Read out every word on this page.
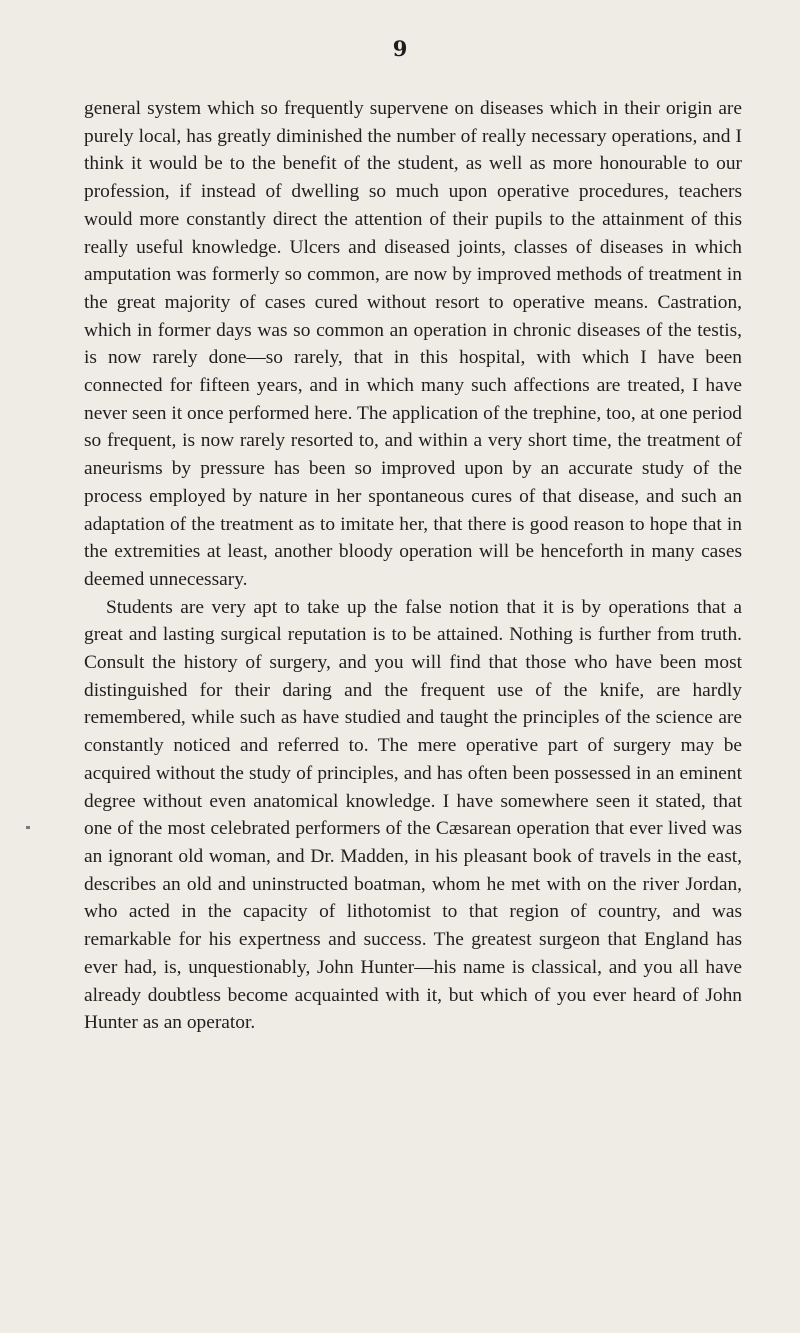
9

general system which so frequently supervene on diseases which in their origin are purely local, has greatly diminished the number of really necessary operations, and I think it would be to the benefit of the student, as well as more honourable to our profession, if instead of dwelling so much upon operative procedures, teachers would more constantly direct the attention of their pupils to the attainment of this really useful knowledge. Ulcers and diseased joints, classes of diseases in which amputation was formerly so common, are now by improved methods of treatment in the great majority of cases cured without resort to operative means. Castration, which in former days was so common an operation in chronic diseases of the testis, is now rarely done—so rarely, that in this hospital, with which I have been connected for fifteen years, and in which many such affections are treated, I have never seen it once performed here. The application of the trephine, too, at one period so frequent, is now rarely resorted to, and within a very short time, the treatment of aneurisms by pressure has been so improved upon by an accurate study of the process employed by nature in her spontaneous cures of that disease, and such an adaptation of the treatment as to imitate her, that there is good reason to hope that in the extremities at least, another bloody operation will be henceforth in many cases deemed unnecessary.

Students are very apt to take up the false notion that it is by operations that a great and lasting surgical reputation is to be attained. Nothing is further from truth. Consult the history of surgery, and you will find that those who have been most distinguished for their daring and the frequent use of the knife, are hardly remembered, while such as have studied and taught the principles of the science are constantly noticed and referred to. The mere operative part of surgery may be acquired without the study of principles, and has often been possessed in an eminent degree without even anatomical knowledge. I have somewhere seen it stated, that one of the most celebrated performers of the Cæsarean operation that ever lived was an ignorant old woman, and Dr. Madden, in his pleasant book of travels in the east, describes an old and uninstructed boatman, whom he met with on the river Jordan, who acted in the capacity of lithotomist to that region of country, and was remarkable for his expertness and success. The greatest surgeon that England has ever had, is, unquestionably, John Hunter—his name is classical, and you all have already doubtless become acquainted with it, but which of you ever heard of John Hunter as an operator.
